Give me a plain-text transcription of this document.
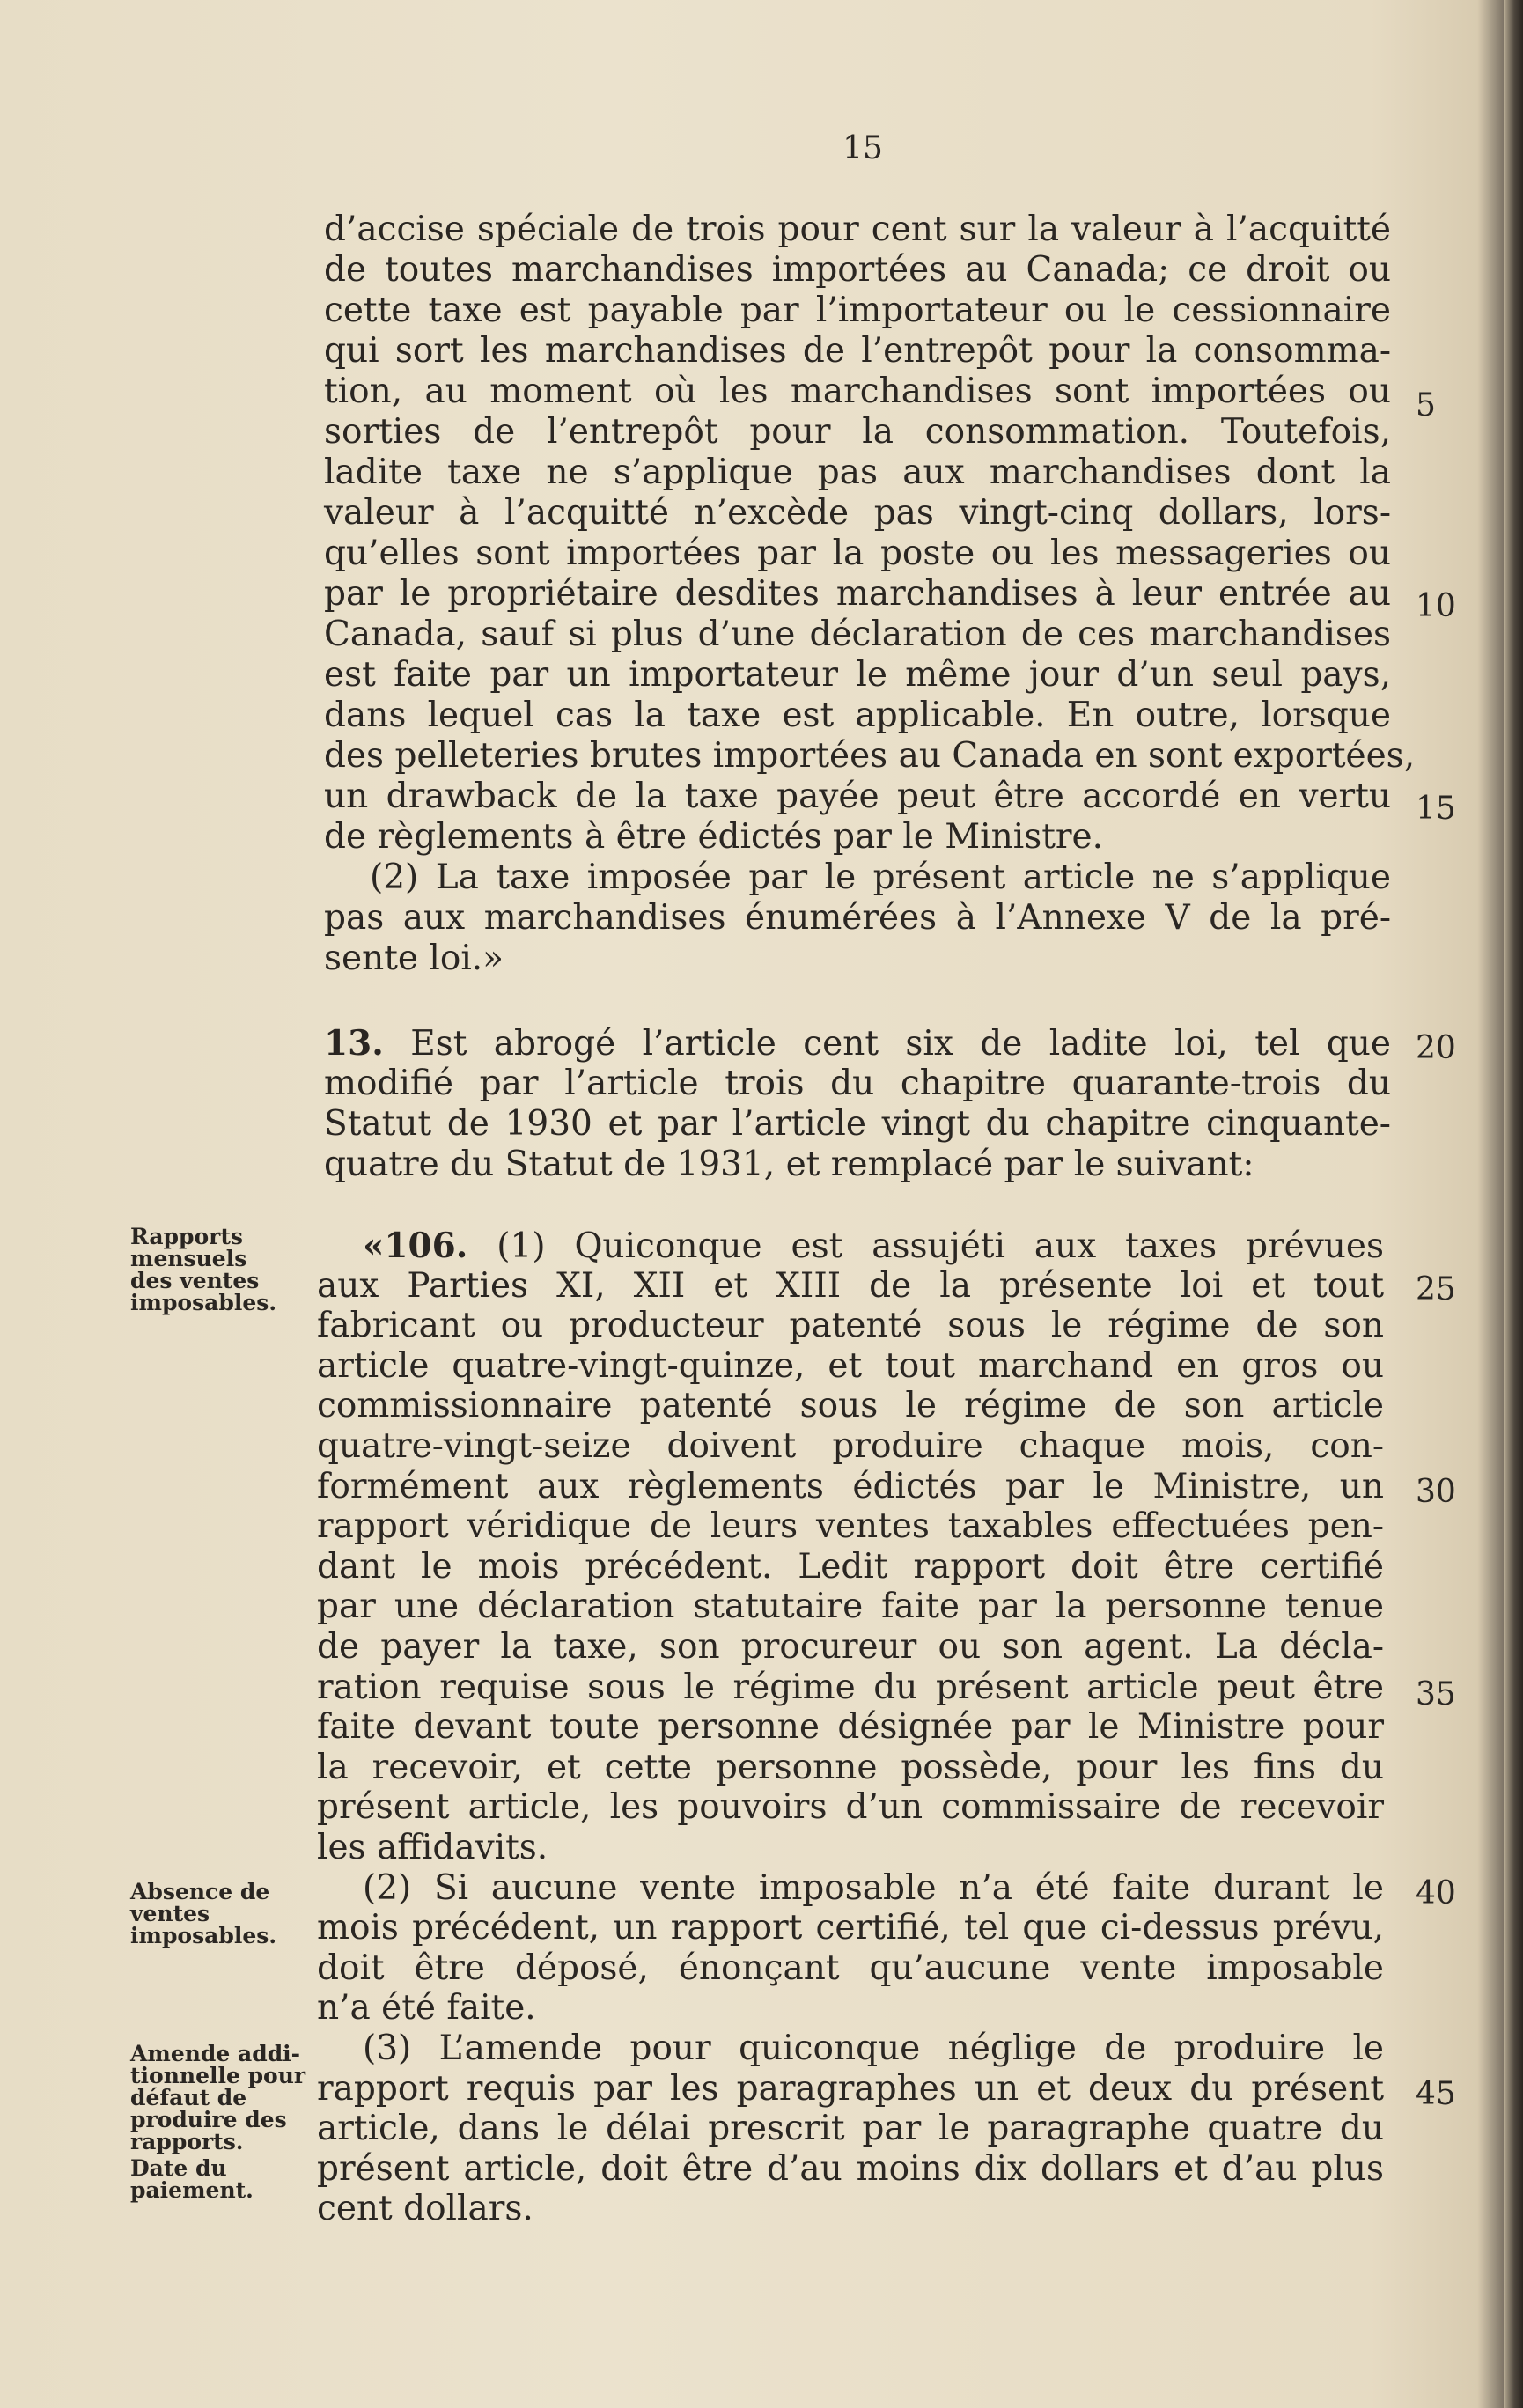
15
d’accise spéciale de trois pour cent sur la valeur à l’acquitté
de toutes marchandises importées au Canada; ce droit ou
cette taxe est payable par l’importateur ou le cessionnaire
qui sort les marchandises de l’entrepôt pour la consomma-
tion, au moment où les marchandises sont importées ou
sorties de l’entrepôt pour la consommation. Toutefois,
ladite taxe ne s’applique pas aux marchandises dont la
valeur à l’acquitté n’excède pas vingt-cinq dollars, lors-
qu’elles sont importées par la poste ou les messageries ou
par le propriétaire desdites marchandises à leur entrée au
Canada, sauf si plus d’une déclaration de ces marchandises
est faite par un importateur le même jour d’un seul pays,
dans lequel cas la taxe est applicable. En outre, lorsque
des pelleteries brutes importées au Canada en sont exportées,
un drawback de la taxe payée peut être accordé en vertu
de règlements à être édictés par le Ministre.
(2) La taxe imposée par le présent article ne s’applique
pas aux marchandises énumérées à l’Annexe V de la pré-
sente loi.»
13. Est abrogé l’article cent six de ladite loi, tel que
modifié par l’article trois du chapitre quarante-trois du
Statut de 1930 et par l’article vingt du chapitre cinquante-
quatre du Statut de 1931, et remplacé par le suivant:
«106. (1) Quiconque est assujéti aux taxes prévues
aux Parties XI, XII et XIII de la présente loi et tout
fabricant ou producteur patenté sous le régime de son
article quatre-vingt-quinze, et tout marchand en gros ou
commissionnaire patenté sous le régime de son article
quatre-vingt-seize doivent produire chaque mois, con-
formément aux règlements édictés par le Ministre, un
rapport véridique de leurs ventes taxables effectuées pen-
dant le mois précédent. Ledit rapport doit être certifié
par une déclaration statutaire faite par la personne tenue
de payer la taxe, son procureur ou son agent. La décla-
ration requise sous le régime du présent article peut être
faite devant toute personne désignée par le Ministre pour
la recevoir, et cette personne possède, pour les fins du
présent article, les pouvoirs d’un commissaire de recevoir
les affidavits.
(2) Si aucune vente imposable n’a été faite durant le
mois précédent, un rapport certifié, tel que ci-dessus prévu,
doit être déposé, énonçant qu’aucune vente imposable
n’a été faite.
(3) L’amende pour quiconque néglige de produire le
rapport requis par les paragraphes un et deux du présent
article, dans le délai prescrit par le paragraphe quatre du
présent article, doit être d’au moins dix dollars et d’au plus
cent dollars.
5
10
15
20
25
30
35
40
45
Rapports
mensuels
des ventes
imposables.
Absence de
ventes
imposables.
Amende addi-
tionnelle pour
défaut de
produire des
rapports.
Date du
paiement.
